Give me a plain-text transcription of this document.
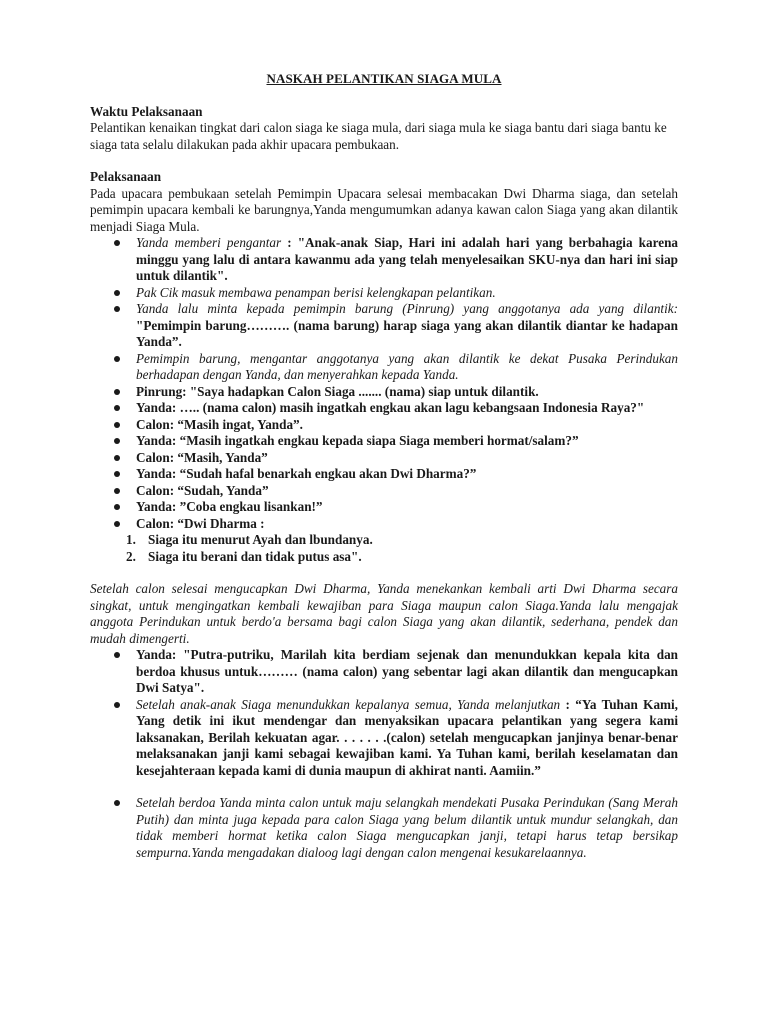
NASKAH PELANTIKAN SIAGA MULA

Waktu Pelaksanaan

Pelantikan kenaikan tingkat dari calon siaga ke siaga mula, dari siaga mula ke siaga bantu dari siaga bantu ke siaga tata selalu dilakukan pada akhir upacara pembukaan.

Pelaksanaan

Pada upacara pembukaan setelah Pemimpin Upacara selesai membacakan Dwi Dharma siaga, dan setelah pemimpin upacara kembali ke barungnya,Yanda mengumumkan adanya kawan calon Siaga yang akan dilantik menjadi Siaga Mula.

Yanda memberi pengantar : "Anak-anak Siap, Hari ini adalah hari yang berbahagia karena minggu yang lalu di antara kawanmu ada yang telah menyelesaikan SKU-nya dan hari ini siap untuk dilantik".
Pak Cik masuk membawa penampan berisi kelengkapan pelantikan.
Yanda lalu minta kepada pemimpin barung (Pinrung) yang anggotanya ada yang dilantik: "Pemimpin barung………. (nama barung) harap siaga yang akan dilantik diantar ke hadapan Yanda”.
Pemimpin barung, mengantar anggotanya yang akan dilantik ke dekat Pusaka Perindukan berhadapan dengan Yanda, dan menyerahkan kepada Yanda.
Pinrung: "Saya hadapkan Calon Siaga ....... (nama) siap untuk dilantik.
Yanda: ….. (nama calon) masih ingatkah engkau akan lagu kebangsaan Indonesia Raya?"
Calon: “Masih ingat, Yanda”.
Yanda: “Masih ingatkah engkau kepada siapa Siaga memberi hormat/salam?”
Calon: “Masih, Yanda”
Yanda: “Sudah hafal benarkah engkau akan Dwi Dharma?”
Calon: “Sudah, Yanda”
Yanda: ”Coba engkau lisankan!”
Calon: “Dwi Dharma :
1. Siaga itu menurut Ayah dan lbundanya.
2. Siaga itu berani dan tidak putus asa".

Setelah calon selesai mengucapkan Dwi Dharma, Yanda menekankan kembali arti Dwi Dharma secara singkat, untuk mengingatkan kembali kewajiban para Siaga maupun calon Siaga.Yanda lalu mengajak anggota Perindukan untuk berdo'a bersama bagi calon Siaga yang akan dilantik, sederhana, pendek dan mudah dimengerti.

Yanda: "Putra-putriku, Marilah kita berdiam sejenak dan menundukkan kepala kita dan berdoa khusus untuk……… (nama calon) yang sebentar lagi akan dilantik dan mengucapkan Dwi Satya".
Setelah anak-anak Siaga menundukkan kepalanya semua, Yanda melanjutkan : “Ya Tuhan Kami, Yang detik ini ikut mendengar dan menyaksikan upacara pelantikan yang segera kami laksanakan, Berilah kekuatan agar. . . . . . .(calon) setelah mengucapkan janjinya benar-benar melaksanakan janji kami sebagai kewajiban kami. Ya Tuhan kami, berilah keselamatan dan kesejahteraan kepada kami di dunia maupun di akhirat nanti. Aamiin.”
Setelah berdoa Yanda minta calon untuk maju selangkah mendekati Pusaka Perindukan (Sang Merah Putih) dan minta juga kepada para calon Siaga yang belum dilantik untuk mundur selangkah, dan tidak memberi hormat ketika calon Siaga mengucapkan janji, tetapi harus tetap bersikap sempurna.Yanda mengadakan dialoog lagi dengan calon mengenai kesukarelaannya.
